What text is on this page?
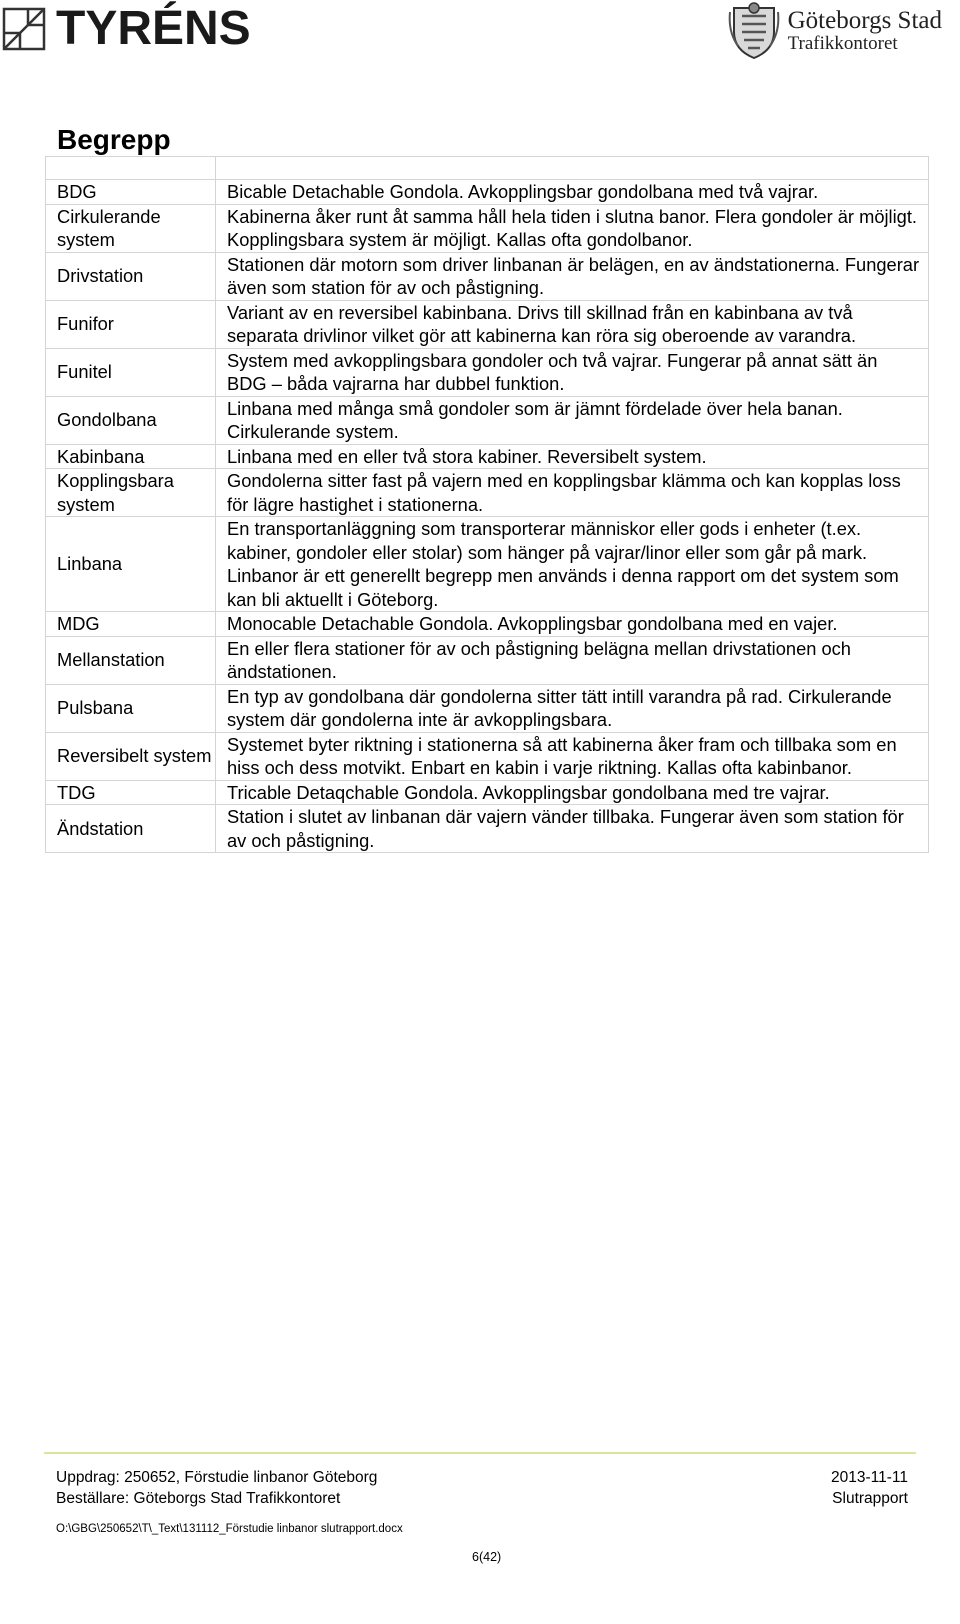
TYRÉNS	Göteborgs Stad
Trafikkontoret
Begrepp

BDG	Bicable Detachable Gondola. Avkopplingsbar gondolbana med två vajrar.
Cirkulerande system	Kabinerna åker runt åt samma håll hela tiden i slutna banor. Flera gondoler är möjligt. Kopplingsbara system är möjligt. Kallas ofta gondolbanor.
Drivstation	Stationen där motorn som driver linbanan är belägen, en av ändstationerna. Fungerar även som station för av och påstigning.
Funifor	Variant av en reversibel kabinbana. Drivs till skillnad från en kabinbana av två separata drivlinor vilket gör att kabinerna kan röra sig oberoende av varandra.
Funitel	System med avkopplingsbara gondoler och två vajrar. Fungerar på annat sätt än BDG – båda vajrarna har dubbel funktion.
Gondolbana	Linbana med många små gondoler som är jämnt fördelade över hela banan. Cirkulerande system.
Kabinbana	Linbana med en eller två stora kabiner. Reversibelt system.
Kopplingsbara system	Gondolerna sitter fast på vajern med en kopplingsbar klämma och kan kopplas loss för lägre hastighet i stationerna.
Linbana	En transportanläggning som transporterar människor eller gods i enheter (t.ex. kabiner, gondoler eller stolar) som hänger på vajrar/linor eller som går på mark. Linbanor är ett generellt begrepp men används i denna rapport om det system som kan bli aktuellt i Göteborg.
MDG	Monocable Detachable Gondola. Avkopplingsbar gondolbana med en vajer.
Mellanstation	En eller flera stationer för av och påstigning belägna mellan drivstationen och ändstationen.
Pulsbana	En typ av gondolbana där gondolerna sitter tätt intill varandra på rad. Cirkulerande system där gondolerna inte är avkopplingsbara.
Reversibelt system	Systemet byter riktning i stationerna så att kabinerna åker fram och tillbaka som en hiss och dess motvikt. Enbart en kabin i varje riktning. Kallas ofta kabinbanor.
TDG	Tricable Detaqchable Gondola. Avkopplingsbar gondolbana med tre vajrar.
Ändstation	Station i slutet av linbanan där vajern vänder tillbaka. Fungerar även som station för av och påstigning.
Uppdrag: 250652, Förstudie linbanor Göteborg
Beställare: Göteborgs Stad Trafikkontoret
2013-11-11
Slutrapport
O:\GBG\250652\T\_Text\131112_Förstudie linbanor slutrapport.docx
6(42)
